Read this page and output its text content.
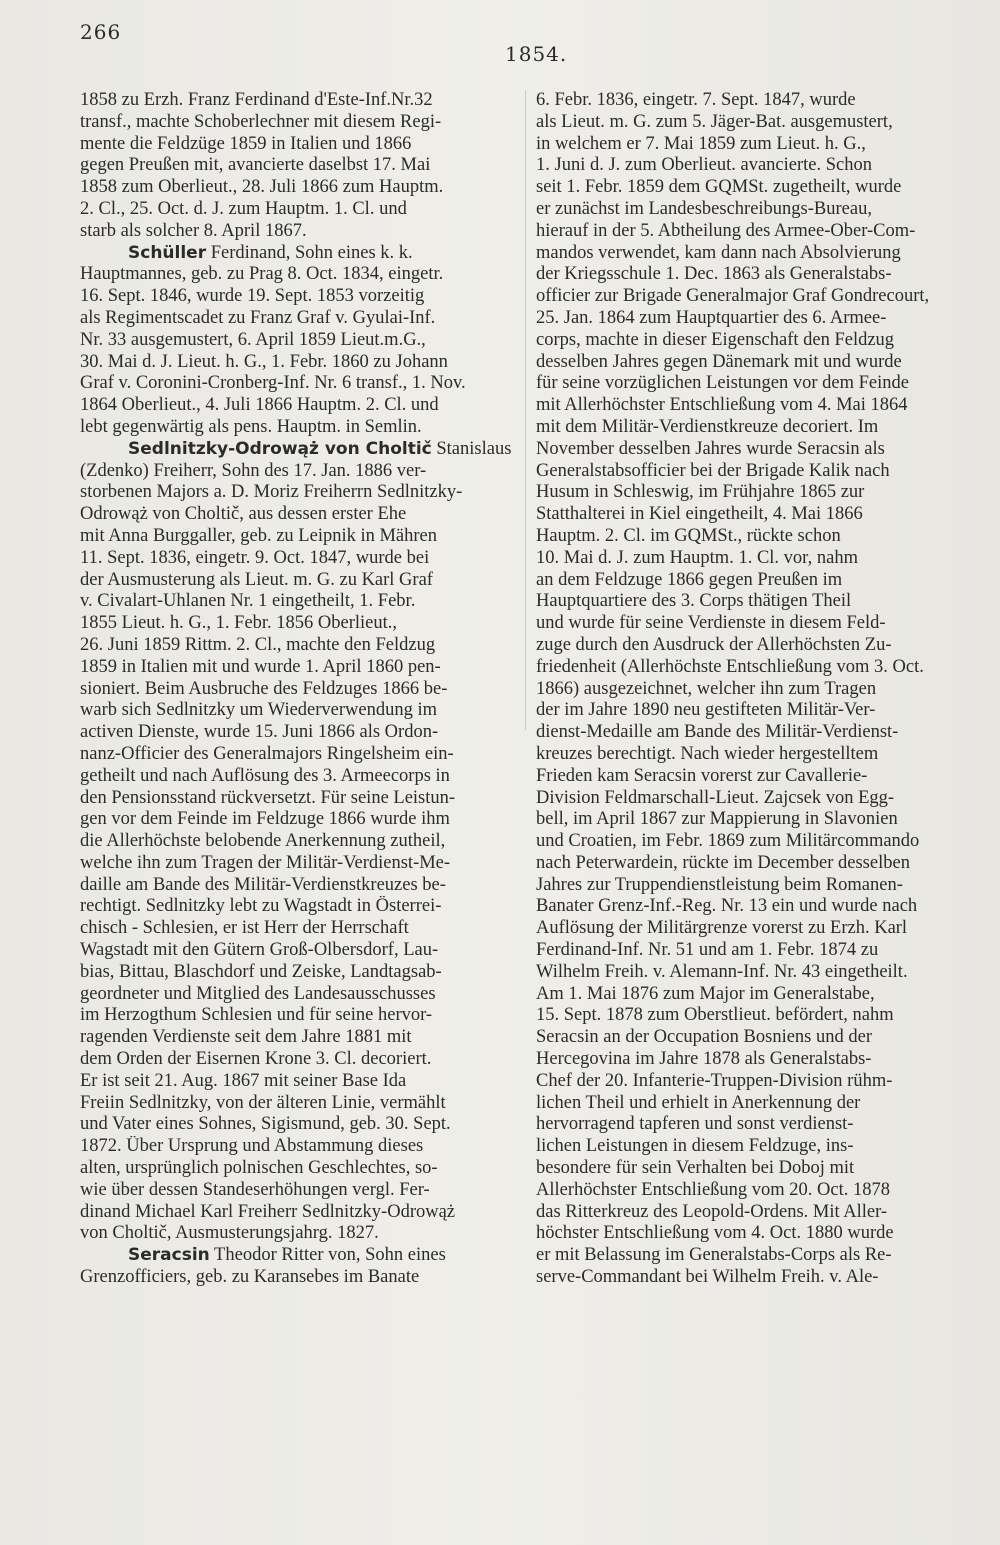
266
1854.
1858 zu Erzh. Franz Ferdinand d'Este-Inf.Nr.32
transf., machte Schoberlechner mit diesem Regi-
mente die Feldzüge 1859 in Italien und 1866
gegen Preußen mit, avancierte daselbst 17. Mai
1858 zum Oberlieut., 28. Juli 1866 zum Hauptm.
2. Cl., 25. Oct. d. J. zum Hauptm. 1. Cl. und
starb als solcher 8. April 1867.
Schüller Ferdinand, Sohn eines k. k.
Hauptmannes, geb. zu Prag 8. Oct. 1834, eingetr.
16. Sept. 1846, wurde 19. Sept. 1853 vorzeitig
als Regimentscadet zu Franz Graf v. Gyulai-Inf.
Nr. 33 ausgemustert, 6. April 1859 Lieut.m.G.,
30. Mai d. J. Lieut. h. G., 1. Febr. 1860 zu Johann
Graf v. Coronini-Cronberg-Inf. Nr. 6 transf., 1. Nov.
1864 Oberlieut., 4. Juli 1866 Hauptm. 2. Cl. und
lebt gegenwärtig als pens. Hauptm. in Semlin.
Sedlnitzky-Odrowąż von Choltič Stanislaus
(Zdenko) Freiherr, Sohn des 17. Jan. 1886 ver-
storbenen Majors a. D. Moriz Freiherrn Sedlnitzky-
Odrowąż von Choltič, aus dessen erster Ehe
mit Anna Burggaller, geb. zu Leipnik in Mähren
11. Sept. 1836, eingetr. 9. Oct. 1847, wurde bei
der Ausmusterung als Lieut. m. G. zu Karl Graf
v. Civalart-Uhlanen Nr. 1 eingetheilt, 1. Febr.
1855 Lieut. h. G., 1. Febr. 1856 Oberlieut.,
26. Juni 1859 Rittm. 2. Cl., machte den Feldzug
1859 in Italien mit und wurde 1. April 1860 pen-
sioniert. Beim Ausbruche des Feldzuges 1866 be-
warb sich Sedlnitzky um Wiederverwendung im
activen Dienste, wurde 15. Juni 1866 als Ordon-
nanz-Officier des Generalmajors Ringelsheim ein-
getheilt und nach Auflösung des 3. Armeecorps in
den Pensionsstand rückversetzt. Für seine Leistun-
gen vor dem Feinde im Feldzuge 1866 wurde ihm
die Allerhöchste belobende Anerkennung zutheil,
welche ihn zum Tragen der Militär-Verdienst-Me-
daille am Bande des Militär-Verdienstkreuzes be-
rechtigt. Sedlnitzky lebt zu Wagstadt in Österrei-
chisch - Schlesien, er ist Herr der Herrschaft
Wagstadt mit den Gütern Groß-Olbersdorf, Lau-
bias, Bittau, Blaschdorf und Zeiske, Landtagsab-
geordneter und Mitglied des Landesausschusses
im Herzogthum Schlesien und für seine hervor-
ragenden Verdienste seit dem Jahre 1881 mit
dem Orden der Eisernen Krone 3. Cl. decoriert.
Er ist seit 21. Aug. 1867 mit seiner Base Ida
Freiin Sedlnitzky, von der älteren Linie, vermählt
und Vater eines Sohnes, Sigismund, geb. 30. Sept.
1872. Über Ursprung und Abstammung dieses
alten, ursprünglich polnischen Geschlechtes, so-
wie über dessen Standeserhöhungen vergl. Fer-
dinand Michael Karl Freiherr Sedlnitzky-Odrowąż
von Choltič, Ausmusterungsjahrg. 1827.
Seracsin Theodor Ritter von, Sohn eines
Grenzofficiers, geb. zu Karansebes im Banate
6. Febr. 1836, eingetr. 7. Sept. 1847, wurde
als Lieut. m. G. zum 5. Jäger-Bat. ausgemustert,
in welchem er 7. Mai 1859 zum Lieut. h. G.,
1. Juni d. J. zum Oberlieut. avancierte. Schon
seit 1. Febr. 1859 dem GQMSt. zugetheilt, wurde
er zunächst im Landesbeschreibungs-Bureau,
hierauf in der 5. Abtheilung des Armee-Ober-Com-
mandos verwendet, kam dann nach Absolvierung
der Kriegsschule 1. Dec. 1863 als Generalstabs-
officier zur Brigade Generalmajor Graf Gondrecourt,
25. Jan. 1864 zum Hauptquartier des 6. Armee-
corps, machte in dieser Eigenschaft den Feldzug
desselben Jahres gegen Dänemark mit und wurde
für seine vorzüglichen Leistungen vor dem Feinde
mit Allerhöchster Entschließung vom 4. Mai 1864
mit dem Militär-Verdienstkreuze decoriert. Im
November desselben Jahres wurde Seracsin als
Generalstabsofficier bei der Brigade Kalik nach
Husum in Schleswig, im Frühjahre 1865 zur
Statthalterei in Kiel eingetheilt, 4. Mai 1866
Hauptm. 2. Cl. im GQMSt., rückte schon
10. Mai d. J. zum Hauptm. 1. Cl. vor, nahm
an dem Feldzuge 1866 gegen Preußen im
Hauptquartiere des 3. Corps thätigen Theil
und wurde für seine Verdienste in diesem Feld-
zuge durch den Ausdruck der Allerhöchsten Zu-
friedenheit (Allerhöchste Entschließung vom 3. Oct.
1866) ausgezeichnet, welcher ihn zum Tragen
der im Jahre 1890 neu gestifteten Militär-Ver-
dienst-Medaille am Bande des Militär-Verdienst-
kreuzes berechtigt. Nach wieder hergestelltem
Frieden kam Seracsin vorerst zur Cavallerie-
Division Feldmarschall-Lieut. Zajcsek von Egg-
bell, im April 1867 zur Mappierung in Slavonien
und Croatien, im Febr. 1869 zum Militärcommando
nach Peterwardein, rückte im December desselben
Jahres zur Truppendienstleistung beim Romanen-
Banater Grenz-Inf.-Reg. Nr. 13 ein und wurde nach
Auflösung der Militärgrenze vorerst zu Erzh. Karl
Ferdinand-Inf. Nr. 51 und am 1. Febr. 1874 zu
Wilhelm Freih. v. Alemann-Inf. Nr. 43 eingetheilt.
Am 1. Mai 1876 zum Major im Generalstabe,
15. Sept. 1878 zum Oberstlieut. befördert, nahm
Seracsin an der Occupation Bosniens und der
Hercegovina im Jahre 1878 als Generalstabs-
Chef der 20. Infanterie-Truppen-Division rühm-
lichen Theil und erhielt in Anerkennung der
hervorragend tapferen und sonst verdienst-
lichen Leistungen in diesem Feldzuge, ins-
besondere für sein Verhalten bei Doboj mit
Allerhöchster Entschließung vom 20. Oct. 1878
das Ritterkreuz des Leopold-Ordens. Mit Aller-
höchster Entschließung vom 4. Oct. 1880 wurde
er mit Belassung im Generalstabs-Corps als Re-
serve-Commandant bei Wilhelm Freih. v. Ale-
